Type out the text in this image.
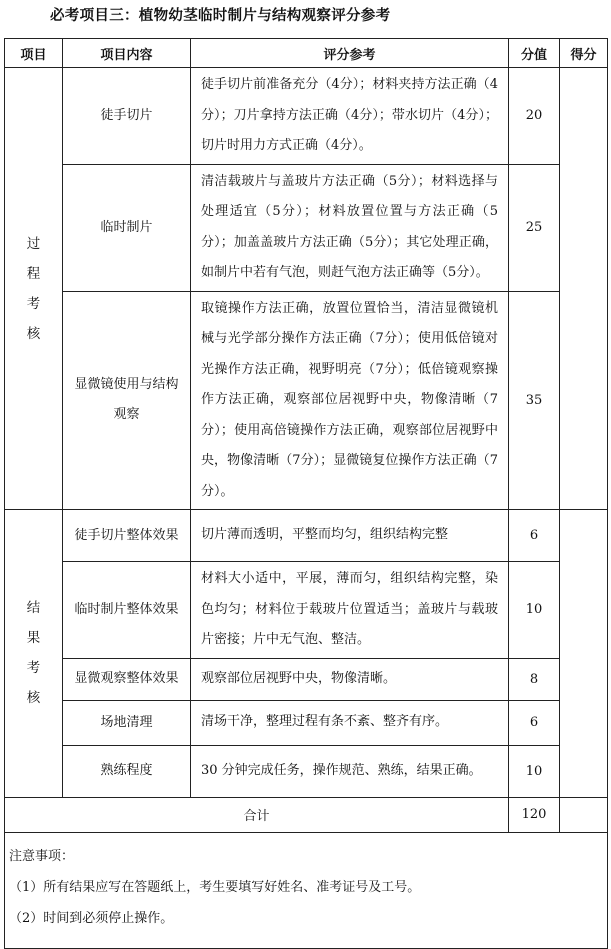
必考项目三：植物幼茎临时制片与结构观察评分参考
项目	项目内容	评分参考	分值	得分
过程考核	徒手切片	徒手切片前准备充分（4分）；材料夹持方法正确（4分）；刀片拿持方法正确（4分）；带水切片（4分）；切片时用力方式正确（4分）。	20	
	临时制片	清洁载玻片与盖玻片方法正确（5分）；材料选择与处理适宜（5分）；材料放置位置与方法正确（5分）；加盖盖玻片方法正确（5分）；其它处理正确，如制片中若有气泡，则赶气泡方法正确等（5分）。	25	
	显微镜使用与结构观察	取镜操作方法正确，放置位置恰当，清洁显微镜机械与光学部分操作方法正确（7分）；使用低倍镜对光操作方法正确，视野明亮（7分）；低倍镜观察操作方法正确，观察部位居视野中央，物像清晰（7分）；使用高倍镜操作方法正确，观察部位居视野中央，物像清晰（7分）；显微镜复位操作方法正确（7分）。	35	
结果考核	徒手切片整体效果	切片薄而透明，平整而均匀，组织结构完整	6	
	临时制片整体效果	材料大小适中，平展，薄而匀，组织结构完整，染色均匀；材料位于载玻片位置适当；盖玻片与载玻片密接；片中无气泡、整洁。	10	
	显微观察整体效果	观察部位居视野中央，物像清晰。	8	
	场地清理	清场干净，整理过程有条不紊、整齐有序。	6	
	熟练程度	30 分钟完成任务，操作规范、熟练，结果正确。	10	
合计			120	

注意事项：
（1）所有结果应写在答题纸上，考生要填写好姓名、准考证号及工号。
（2）时间到必须停止操作。				
